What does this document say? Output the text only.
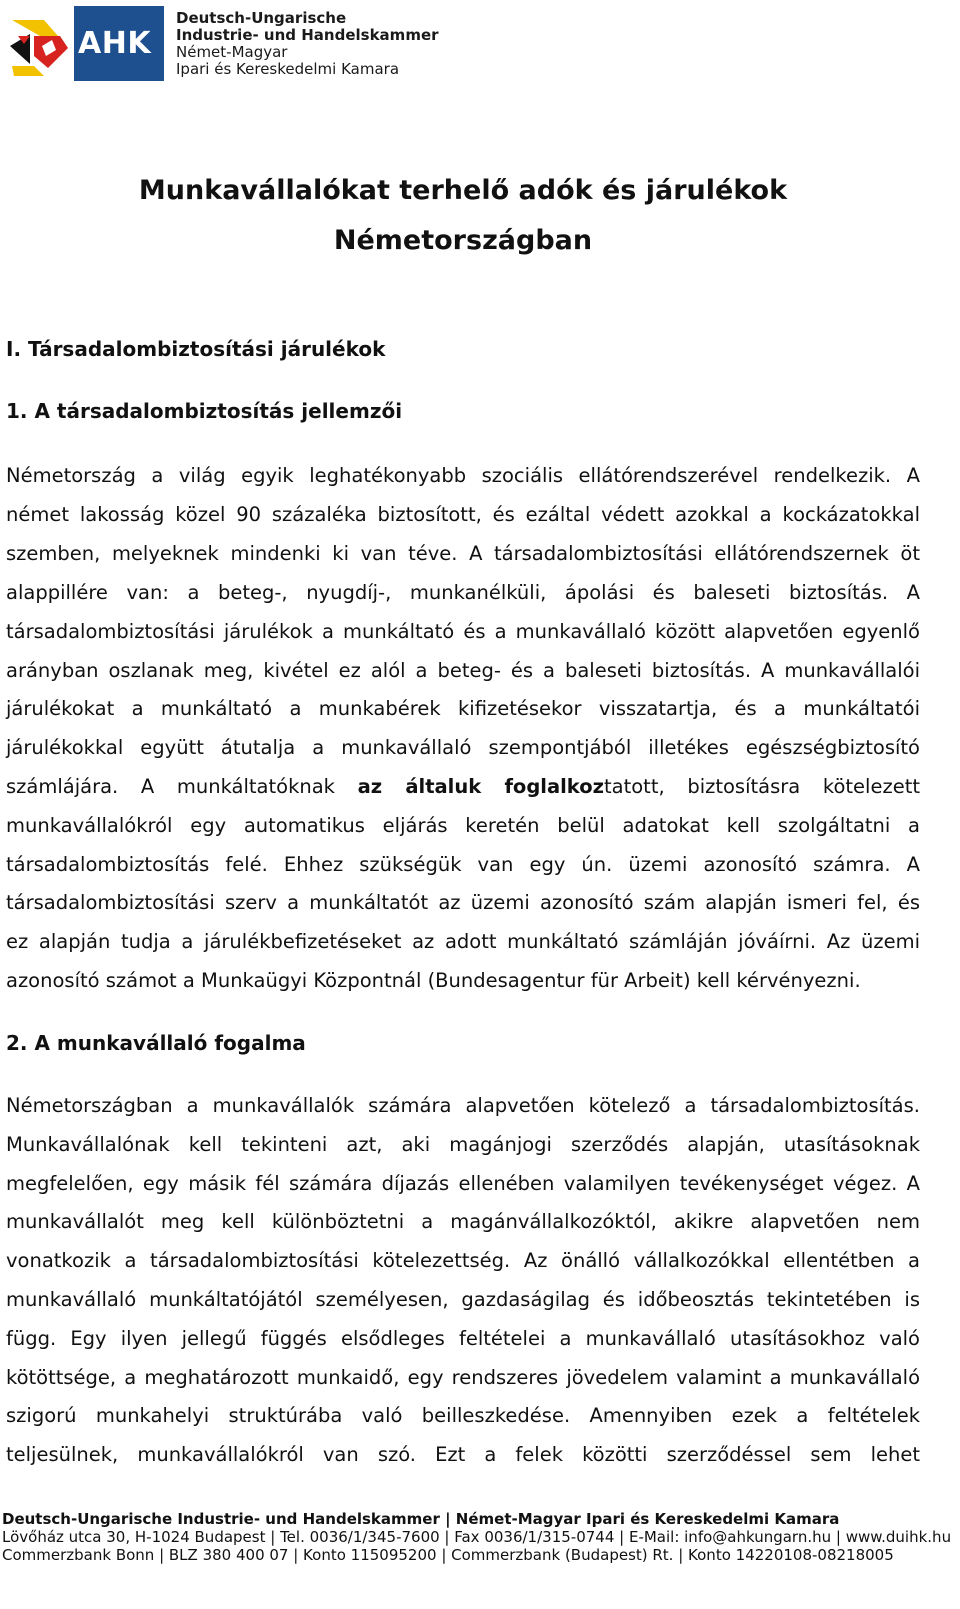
AHK
Deutsch-Ungarische
Industrie- und Handelskammer
Német-Magyar
Ipari és Kereskedelmi Kamara
Munkavállalókat terhelő adók és járulékok
Németországban
I. Társadalombiztosítási járulékok
1. A társadalombiztosítás jellemzői
Németország a világ egyik leghatékonyabb szociális ellátórendszerével rendelkezik. A
német lakosság közel 90 százaléka biztosított, és ezáltal védett azokkal a kockázatokkal
szemben, melyeknek mindenki ki van téve. A társadalombiztosítási ellátórendszernek öt
alappillére van: a beteg-, nyugdíj-, munkanélküli, ápolási és baleseti biztosítás. A
társadalombiztosítási járulékok a munkáltató és a munkavállaló között alapvetően egyenlő
arányban oszlanak meg, kivétel ez alól a beteg- és a baleseti biztosítás. A munkavállalói
járulékokat a munkáltató a munkabérek kifizetésekor visszatartja, és a munkáltatói
járulékokkal együtt átutalja a munkavállaló szempontjából illetékes egészségbiztosító
számlájára. A munkáltatóknak az általuk foglalkoztatott, biztosításra kötelezett
munkavállalókról egy automatikus eljárás keretén belül adatokat kell szolgáltatni a
társadalombiztosítás felé. Ehhez szükségük van egy ún. üzemi azonosító számra. A
társadalombiztosítási szerv a munkáltatót az üzemi azonosító szám alapján ismeri fel, és
ez alapján tudja a járulékbefizetéseket az adott munkáltató számláján jóváírni. Az üzemi
azonosító számot a Munkaügyi Központnál (Bundesagentur für Arbeit) kell kérvényezni.
2. A munkavállaló fogalma
Németországban a munkavállalók számára alapvetően kötelező a társadalombiztosítás.
Munkavállalónak kell tekinteni azt, aki magánjogi szerződés alapján, utasításoknak
megfelelően, egy másik fél számára díjazás ellenében valamilyen tevékenységet végez. A
munkavállalót meg kell különböztetni a magánvállalkozóktól, akikre alapvetően nem
vonatkozik a társadalombiztosítási kötelezettség. Az önálló vállalkozókkal ellentétben a
munkavállaló munkáltatójától személyesen, gazdaságilag és időbeosztás tekintetében is
függ. Egy ilyen jellegű függés elsődleges feltételei a munkavállaló utasításokhoz való
kötöttsége, a meghatározott munkaidő, egy rendszeres jövedelem valamint a munkavállaló
szigorú munkahelyi struktúrába való beilleszkedése. Amennyiben ezek a feltételek
teljesülnek, munkavállalókról van szó. Ezt a felek közötti szerződéssel sem lehet
Deutsch-Ungarische Industrie- und Handelskammer | Német-Magyar Ipari és Kereskedelmi Kamara
Lövőház utca 30, H-1024 Budapest | Tel. 0036/1/345-7600 | Fax 0036/1/315-0744 | E-Mail: info@ahkungarn.hu | www.duihk.hu
Commerzbank Bonn | BLZ 380 400 07 | Konto 115095200 | Commerzbank (Budapest) Rt. | Konto 14220108-08218005
